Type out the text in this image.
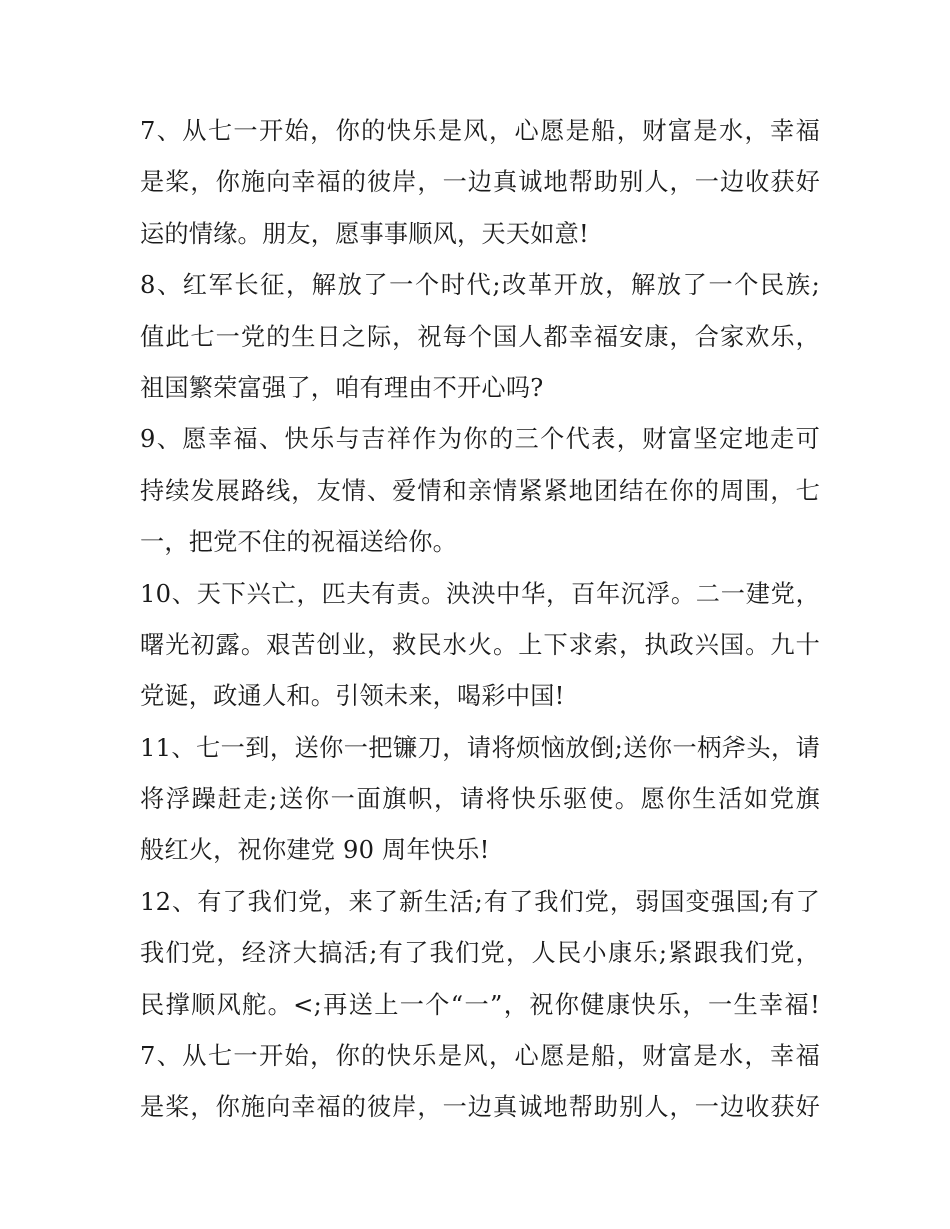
7、从七一开始，你的快乐是风，心愿是船，财富是水，幸福
是桨，你施向幸福的彼岸，一边真诚地帮助别人，一边收获好
运的情缘。朋友，愿事事顺风，天天如意!
8、红军长征，解放了一个时代;改革开放，解放了一个民族;
值此七一党的生日之际，祝每个国人都幸福安康，合家欢乐，
祖国繁荣富强了，咱有理由不开心吗?
9、愿幸福、快乐与吉祥作为你的三个代表，财富坚定地走可
持续发展路线，友情、爱情和亲情紧紧地团结在你的周围，七
一，把党不住的祝福送给你。
10、天下兴亡，匹夫有责。泱泱中华，百年沉浮。二一建党，
曙光初露。艰苦创业，救民水火。上下求索，执政兴国。九十
党诞，政通人和。引领未来，喝彩中国!
11、七一到，送你一把镰刀，请将烦恼放倒;送你一柄斧头，请
将浮躁赶走;送你一面旗帜，请将快乐驱使。愿你生活如党旗
般红火，祝你建党 90 周年快乐!
12、有了我们党，来了新生活;有了我们党，弱国变强国;有了
我们党，经济大搞活;有了我们党，人民小康乐;紧跟我们党，
民撑顺风舵。<;再送上一个“一”，祝你健康快乐，一生幸福!
7、从七一开始，你的快乐是风，心愿是船，财富是水，幸福
是桨，你施向幸福的彼岸，一边真诚地帮助别人，一边收获好
